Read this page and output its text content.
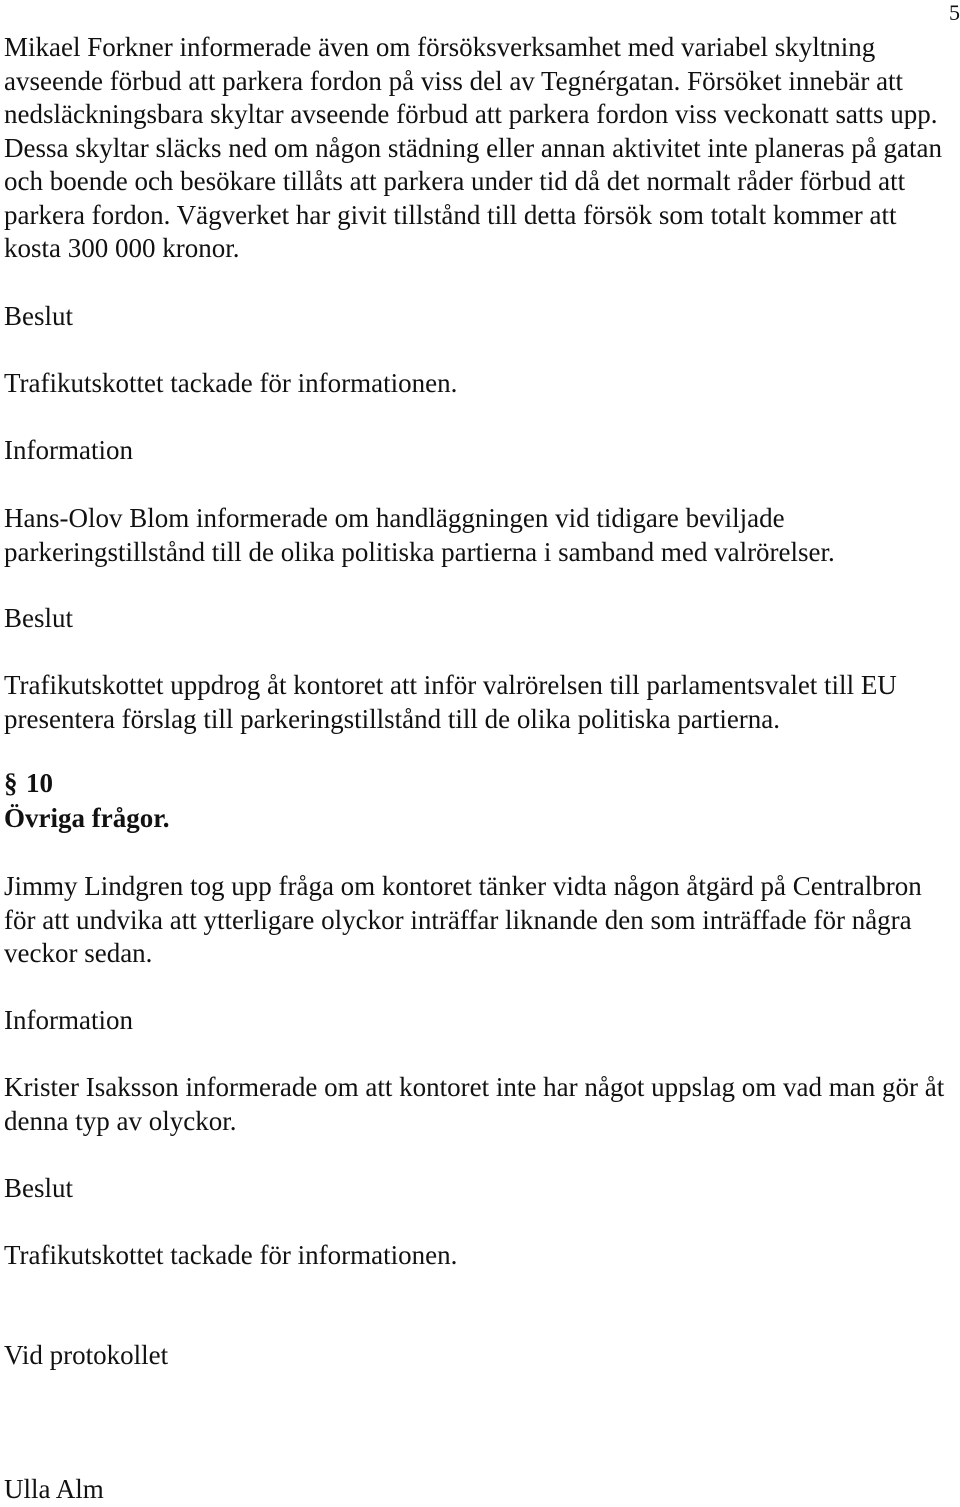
5

Mikael Forkner informerade även om försöksverksamhet med variabel skyltning avseende förbud att parkera fordon på viss del av Tegnérgatan. Försöket innebär att nedsläckningsbara skyltar avseende förbud att parkera fordon viss veckonatt satts upp. Dessa skyltar släcks ned om någon städning eller annan aktivitet inte planeras på gatan och boende och besökare tillåts att parkera under tid då det normalt råder förbud att parkera fordon. Vägverket har givit tillstånd till detta försök som totalt kommer att kosta 300 000 kronor.

Beslut

Trafikutskottet tackade för informationen.

Information

Hans-Olov Blom informerade om handläggningen vid tidigare beviljade parkeringstillstånd till de olika politiska partierna i samband med valrörelser.

Beslut

Trafikutskottet uppdrog åt kontoret att inför valrörelsen till parlamentsvalet till EU presentera förslag till parkeringstillstånd till de olika politiska partierna.

§ 10
Övriga frågor.

Jimmy Lindgren tog upp fråga om kontoret tänker vidta någon åtgärd på Centralbron för att undvika att ytterligare olyckor inträffar liknande den som inträffade för några veckor sedan.

Information

Krister Isaksson informerade om att kontoret inte har något uppslag om vad man gör åt denna typ av olyckor.

Beslut

Trafikutskottet tackade för informationen.

Vid protokollet

Ulla Alm
